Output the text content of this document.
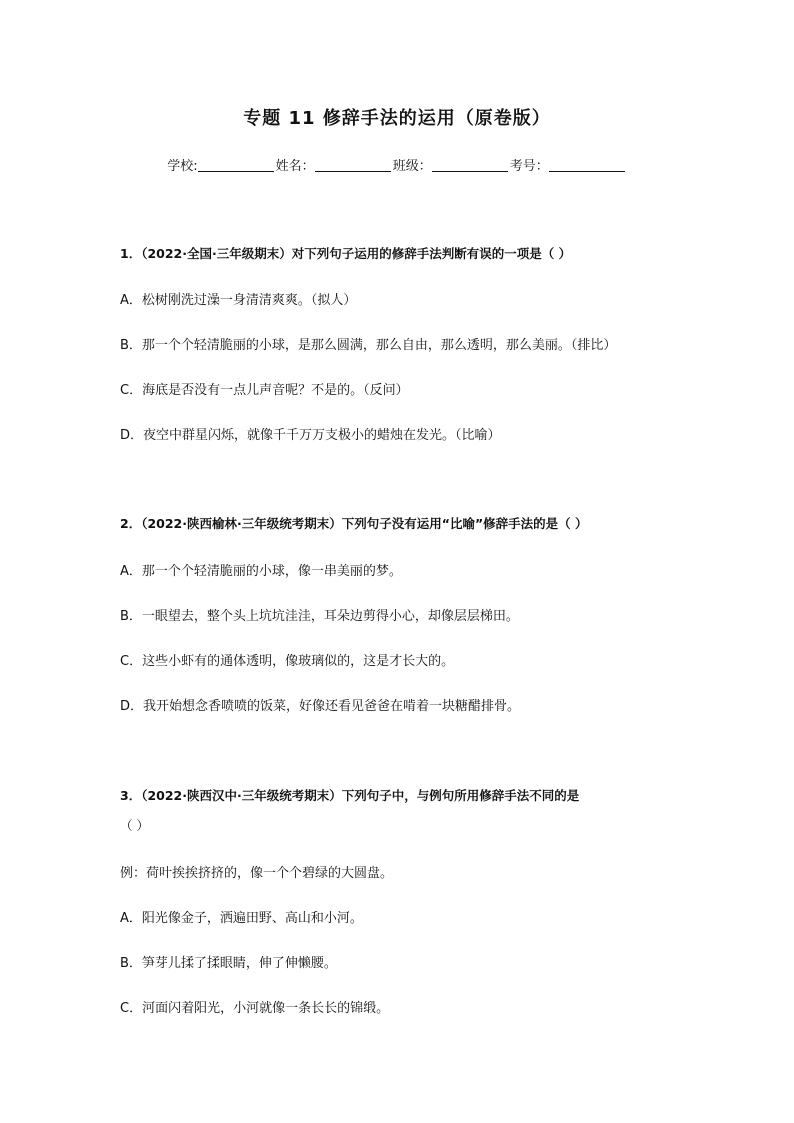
专题 11 修辞手法的运用（原卷版）
学校:	姓名：	班级：	考号：
1．（2022·全国·三年级期末）对下列句子运用的修辞手法判断有误的一项是（ ）
A．松树刚洗过澡一身清清爽爽。（拟人）
B．那一个个轻清脆丽的小球，是那么圆满，那么自由，那么透明，那么美丽。（排比）
C．海底是否没有一点儿声音呢？不是的。（反问）
D．夜空中群星闪烁，就像千千万万支极小的蜡烛在发光。（比喻）
2．（2022·陕西榆林·三年级统考期末）下列句子没有运用“比喻”修辞手法的是（ ）
A．那一个个轻清脆丽的小球，像一串美丽的梦。
B．一眼望去，整个头上坑坑洼洼，耳朵边剪得小心，却像层层梯田。
C．这些小虾有的通体透明，像玻璃似的，这是才长大的。
D．我开始想念香喷喷的饭菜，好像还看见爸爸在啃着一块糖醋排骨。
3．（2022·陕西汉中·三年级统考期末）下列句子中，与例句所用修辞手法不同的是
（ ）
例：荷叶挨挨挤挤的，像一个个碧绿的大圆盘。
A．阳光像金子，洒遍田野、高山和小河。
B．笋芽儿揉了揉眼睛，伸了伸懒腰。
C．河面闪着阳光，小河就像一条长长的锦缎。
